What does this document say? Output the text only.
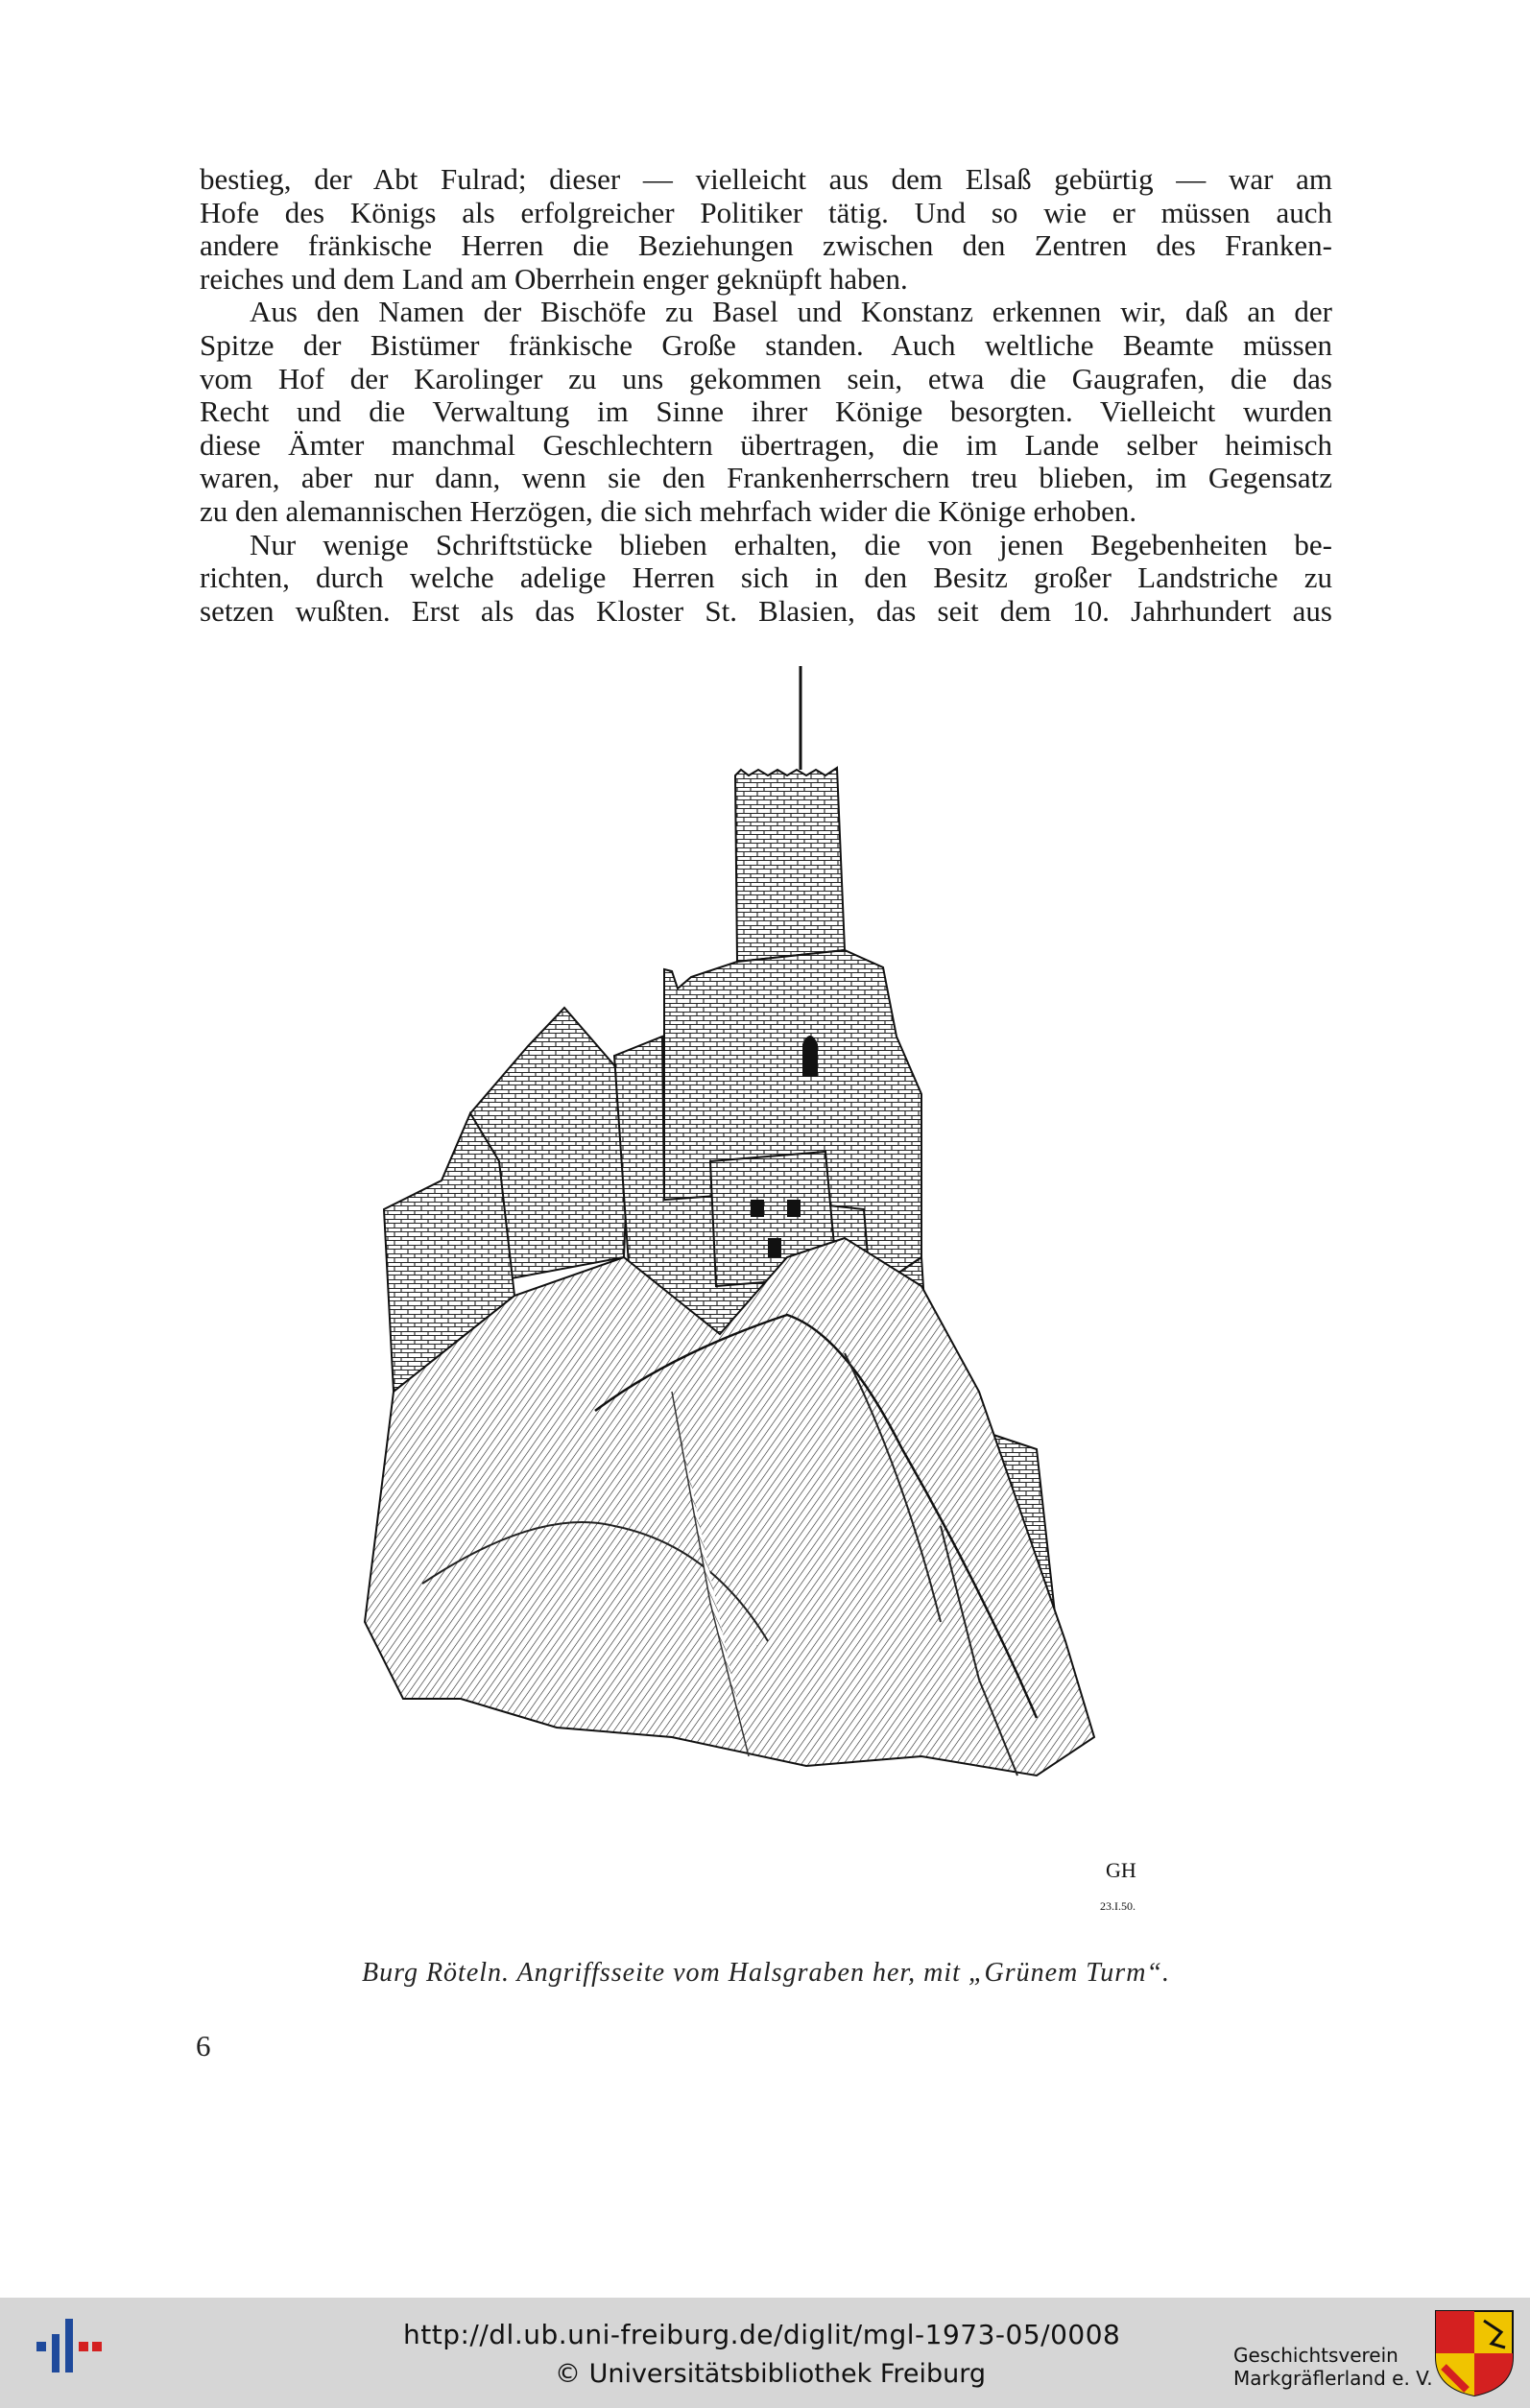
bestieg, der Abt Fulrad; dieser — vielleicht aus dem Elsaß gebürtig — war am

Hofe des Königs als erfolgreicher Politiker tätig. Und so wie er müssen auch

andere fränkische Herren die Beziehungen zwischen den Zentren des Franken-

reiches und dem Land am Oberrhein enger geknüpft haben.

Aus den Namen der Bischöfe zu Basel und Konstanz erkennen wir, daß an der

Spitze der Bistümer fränkische Große standen. Auch weltliche Beamte müssen

vom Hof der Karolinger zu uns gekommen sein, etwa die Gaugrafen, die das

Recht und die Verwaltung im Sinne ihrer Könige besorgten. Vielleicht wurden

diese Ämter manchmal Geschlechtern übertragen, die im Lande selber heimisch

waren, aber nur dann, wenn sie den Frankenherrschern treu blieben, im Gegensatz

zu den alemannischen Herzögen, die sich mehrfach wider die Könige erhoben.

Nur wenige Schriftstücke blieben erhalten, die von jenen Begebenheiten be-

richten, durch welche adelige Herren sich in den Besitz großer Landstriche zu

setzen wußten. Erst als das Kloster St. Blasien, das seit dem 10. Jahrhundert aus

GH
23.I.50.
Burg Röteln. Angriffsseite vom Halsgraben her, mit „Grünem Turm“.
6
http://dl.ub.uni-freiburg.de/diglit/mgl-1973-05/0008
© Universitätsbibliothek Freiburg
Geschichtsverein
Markgräflerland e. V.
